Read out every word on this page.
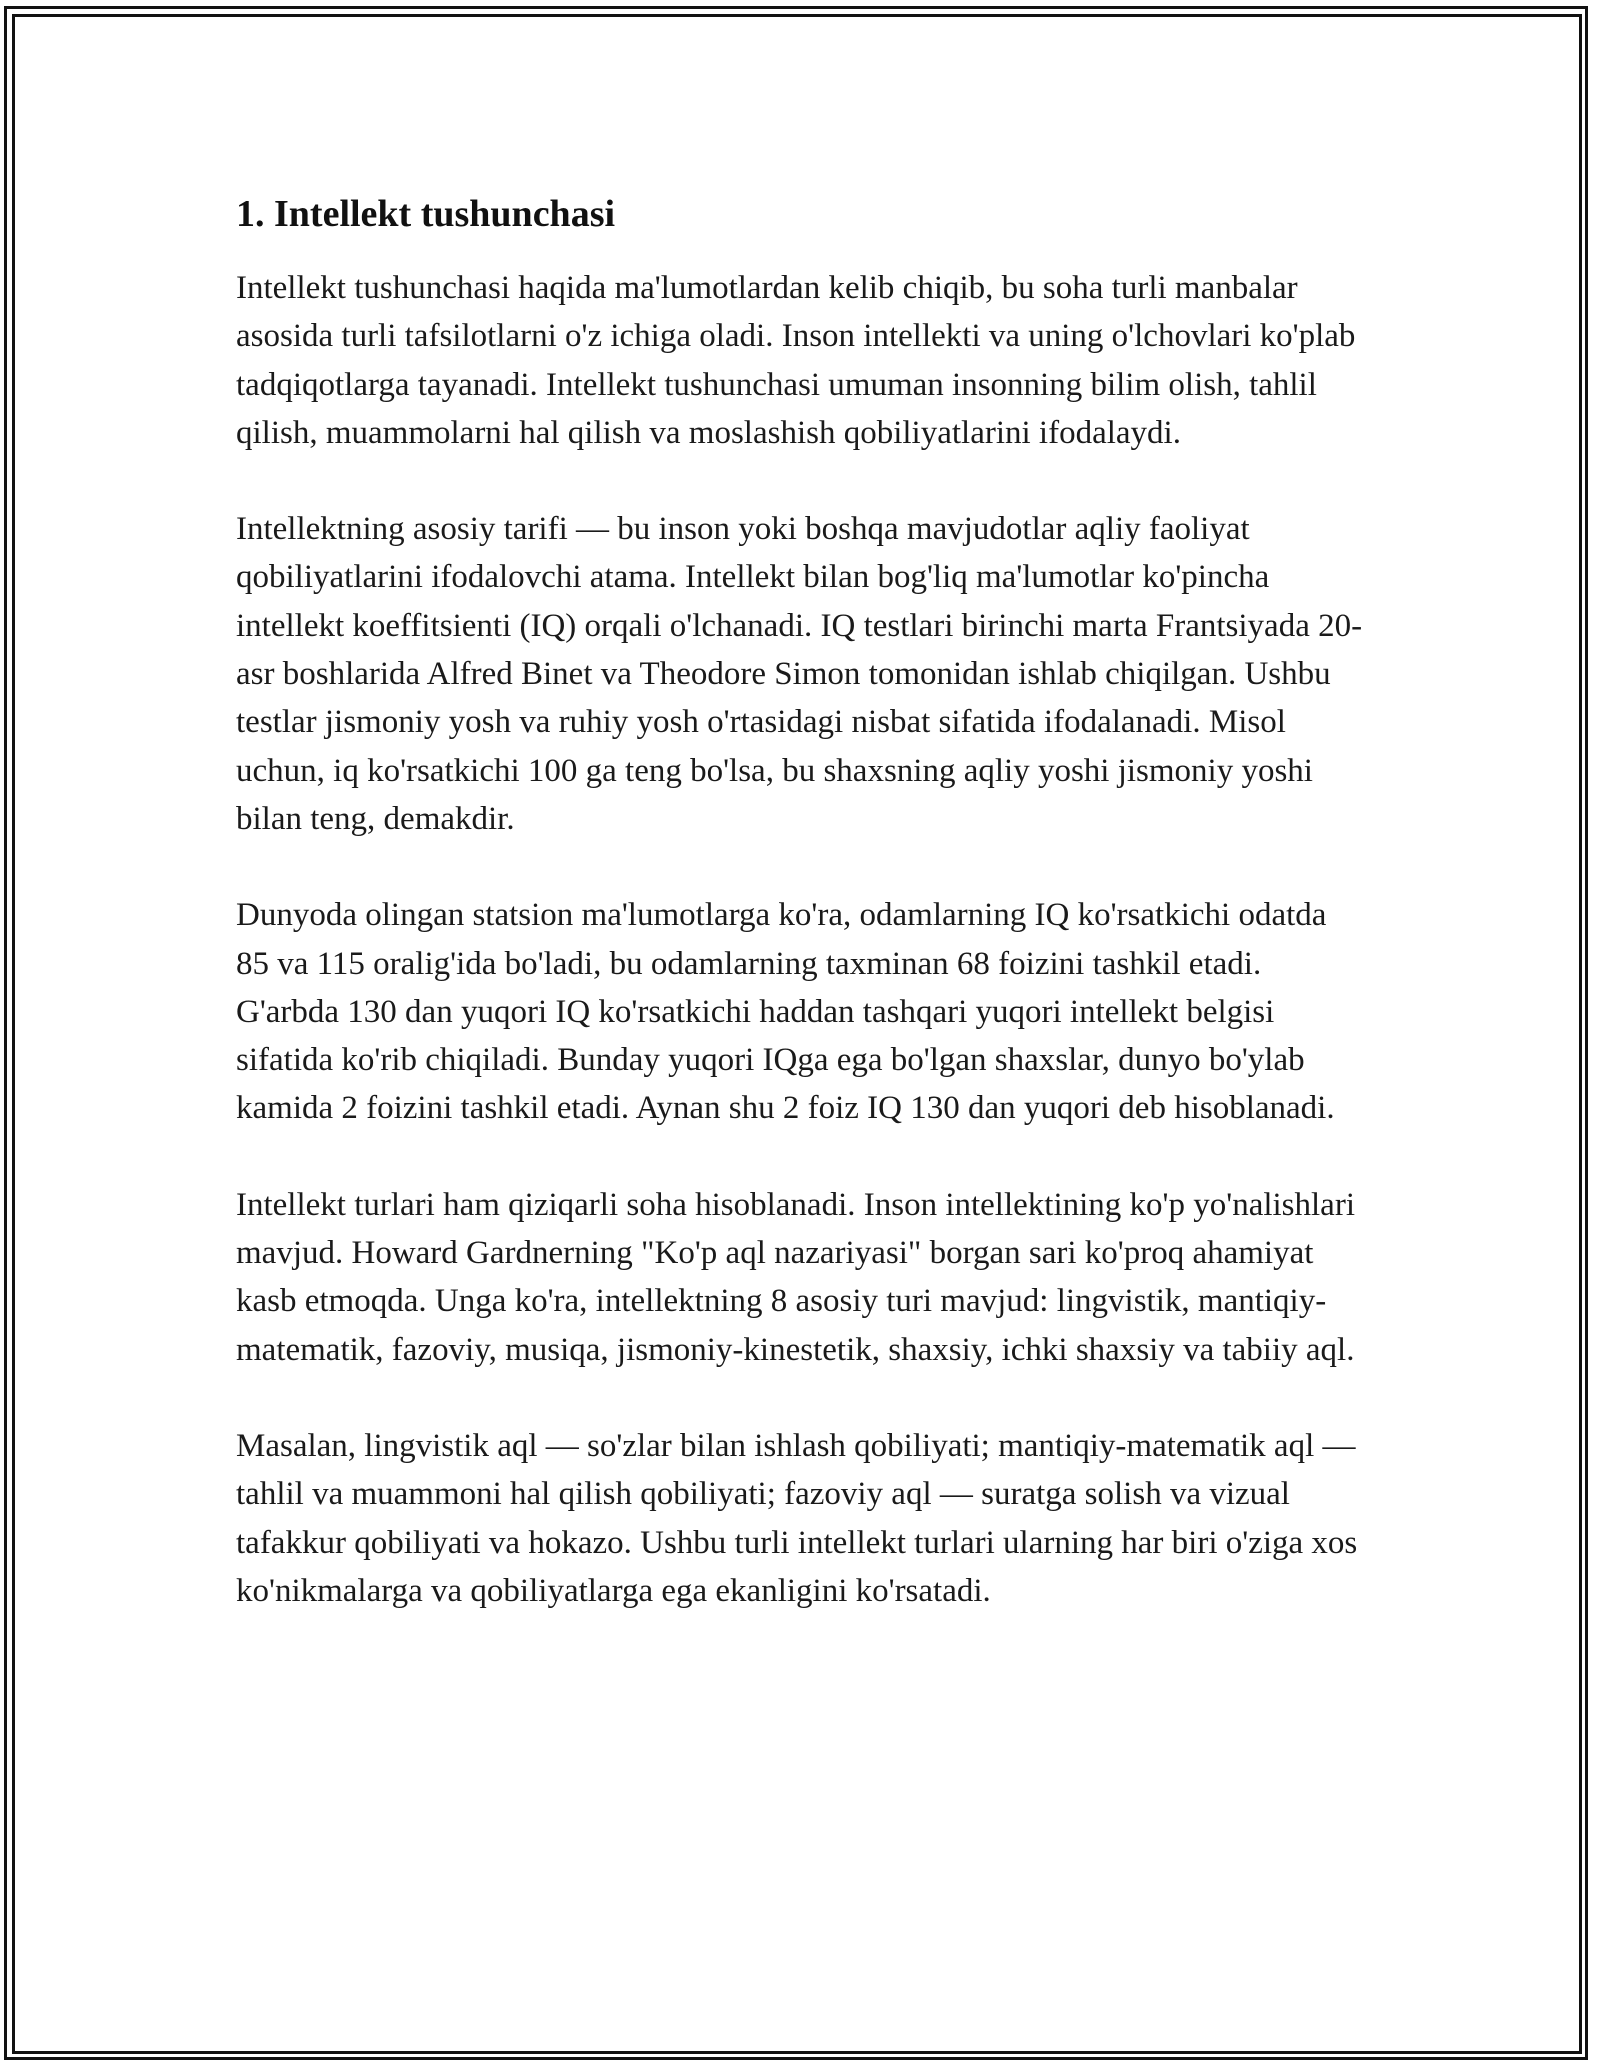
1. Intellekt tushunchasi

Intellekt tushunchasi haqida ma'lumotlardan kelib chiqib, bu soha turli manbalar asosida turli tafsilotlarni o'z ichiga oladi. Inson intellekti va uning o'lchovlari ko'plab tadqiqotlarga tayanadi. Intellekt tushunchasi umuman insonning bilim olish, tahlil qilish, muammolarni hal qilish va moslashish qobiliyatlarini ifodalaydi.

Intellektning asosiy tarifi — bu inson yoki boshqa mavjudotlar aqliy faoliyat qobiliyatlarini ifodalovchi atama. Intellekt bilan bog'liq ma'lumotlar ko'pincha intellekt koeffitsienti (IQ) orqali o'lchanadi. IQ testlari birinchi marta Frantsiyada 20-asr boshlarida Alfred Binet va Theodore Simon tomonidan ishlab chiqilgan. Ushbu testlar jismoniy yosh va ruhiy yosh o'rtasidagi nisbat sifatida ifodalanadi. Misol uchun, iq ko'rsatkichi 100 ga teng bo'lsa, bu shaxsning aqliy yoshi jismoniy yoshi bilan teng, demakdir.

Dunyoda olingan statsion ma'lumotlarga ko'ra, odamlarning IQ ko'rsatkichi odatda 85 va 115 oralig'ida bo'ladi, bu odamlarning taxminan 68 foizini tashkil etadi. G'arbda 130 dan yuqori IQ ko'rsatkichi haddan tashqari yuqori intellekt belgisi sifatida ko'rib chiqiladi. Bunday yuqori IQga ega bo'lgan shaxslar, dunyo bo'ylab kamida 2 foizini tashkil etadi. Aynan shu 2 foiz IQ 130 dan yuqori deb hisoblanadi.

Intellekt turlari ham qiziqarli soha hisoblanadi. Inson intellektining ko'p yo'nalishlari mavjud. Howard Gardnerning "Ko'p aql nazariyasi" borgan sari ko'proq ahamiyat kasb etmoqda. Unga ko'ra, intellektning 8 asosiy turi mavjud: lingvistik, mantiqiy-matematik, fazoviy, musiqa, jismoniy-kinestetik, shaxsiy, ichki shaxsiy va tabiiy aql.

Masalan, lingvistik aql — so'zlar bilan ishlash qobiliyati; mantiqiy-matematik aql — tahlil va muammoni hal qilish qobiliyati; fazoviy aql — suratga solish va vizual tafakkur qobiliyati va hokazo. Ushbu turli intellekt turlari ularning har biri o'ziga xos ko'nikmalarga va qobiliyatlarga ega ekanligini ko'rsatadi.
